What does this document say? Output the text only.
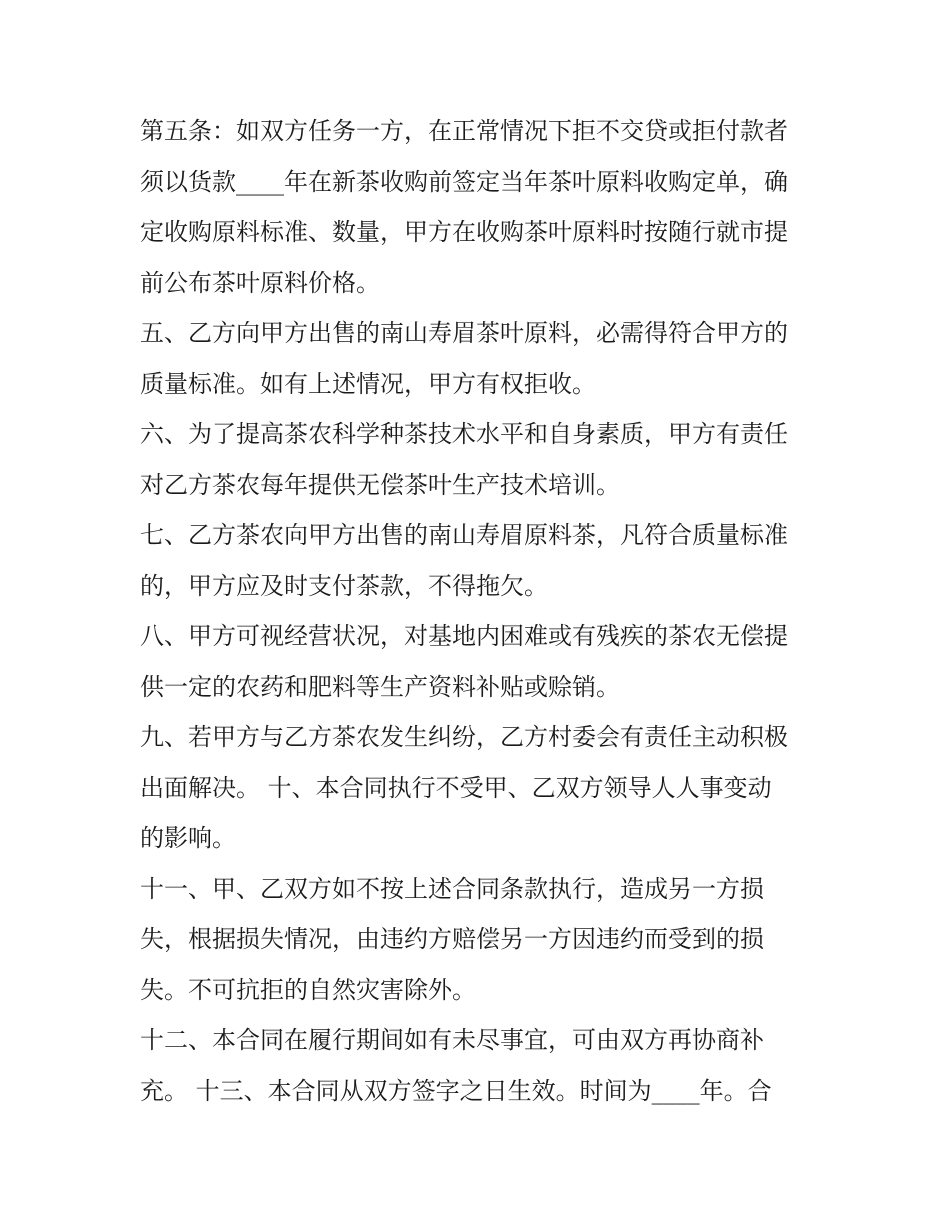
第五条：如双方任务一方，在正常情况下拒不交贷或拒付款者
须以货款____年在新茶收购前签定当年茶叶原料收购定单，确
定收购原料标准、数量，甲方在收购茶叶原料时按随行就市提
前公布茶叶原料价格。
五、乙方向甲方出售的南山寿眉茶叶原料，必需得符合甲方的
质量标准。如有上述情况，甲方有权拒收。
六、为了提高茶农科学种茶技术水平和自身素质，甲方有责任
对乙方茶农每年提供无偿茶叶生产技术培训。
七、乙方茶农向甲方出售的南山寿眉原料茶，凡符合质量标准
的，甲方应及时支付茶款，不得拖欠。
八、甲方可视经营状况，对基地内困难或有残疾的茶农无偿提
供一定的农药和肥料等生产资料补贴或赊销。
九、若甲方与乙方茶农发生纠纷，乙方村委会有责任主动积极
出面解决。 十、本合同执行不受甲、乙双方领导人人事变动
的影响。
十一、甲、乙双方如不按上述合同条款执行，造成另一方损
失，根据损失情况，由违约方赔偿另一方因违约而受到的损
失。不可抗拒的自然灾害除外。
十二、本合同在履行期间如有未尽事宜，可由双方再协商补
充。 十三、本合同从双方签字之日生效。时间为____年。合
